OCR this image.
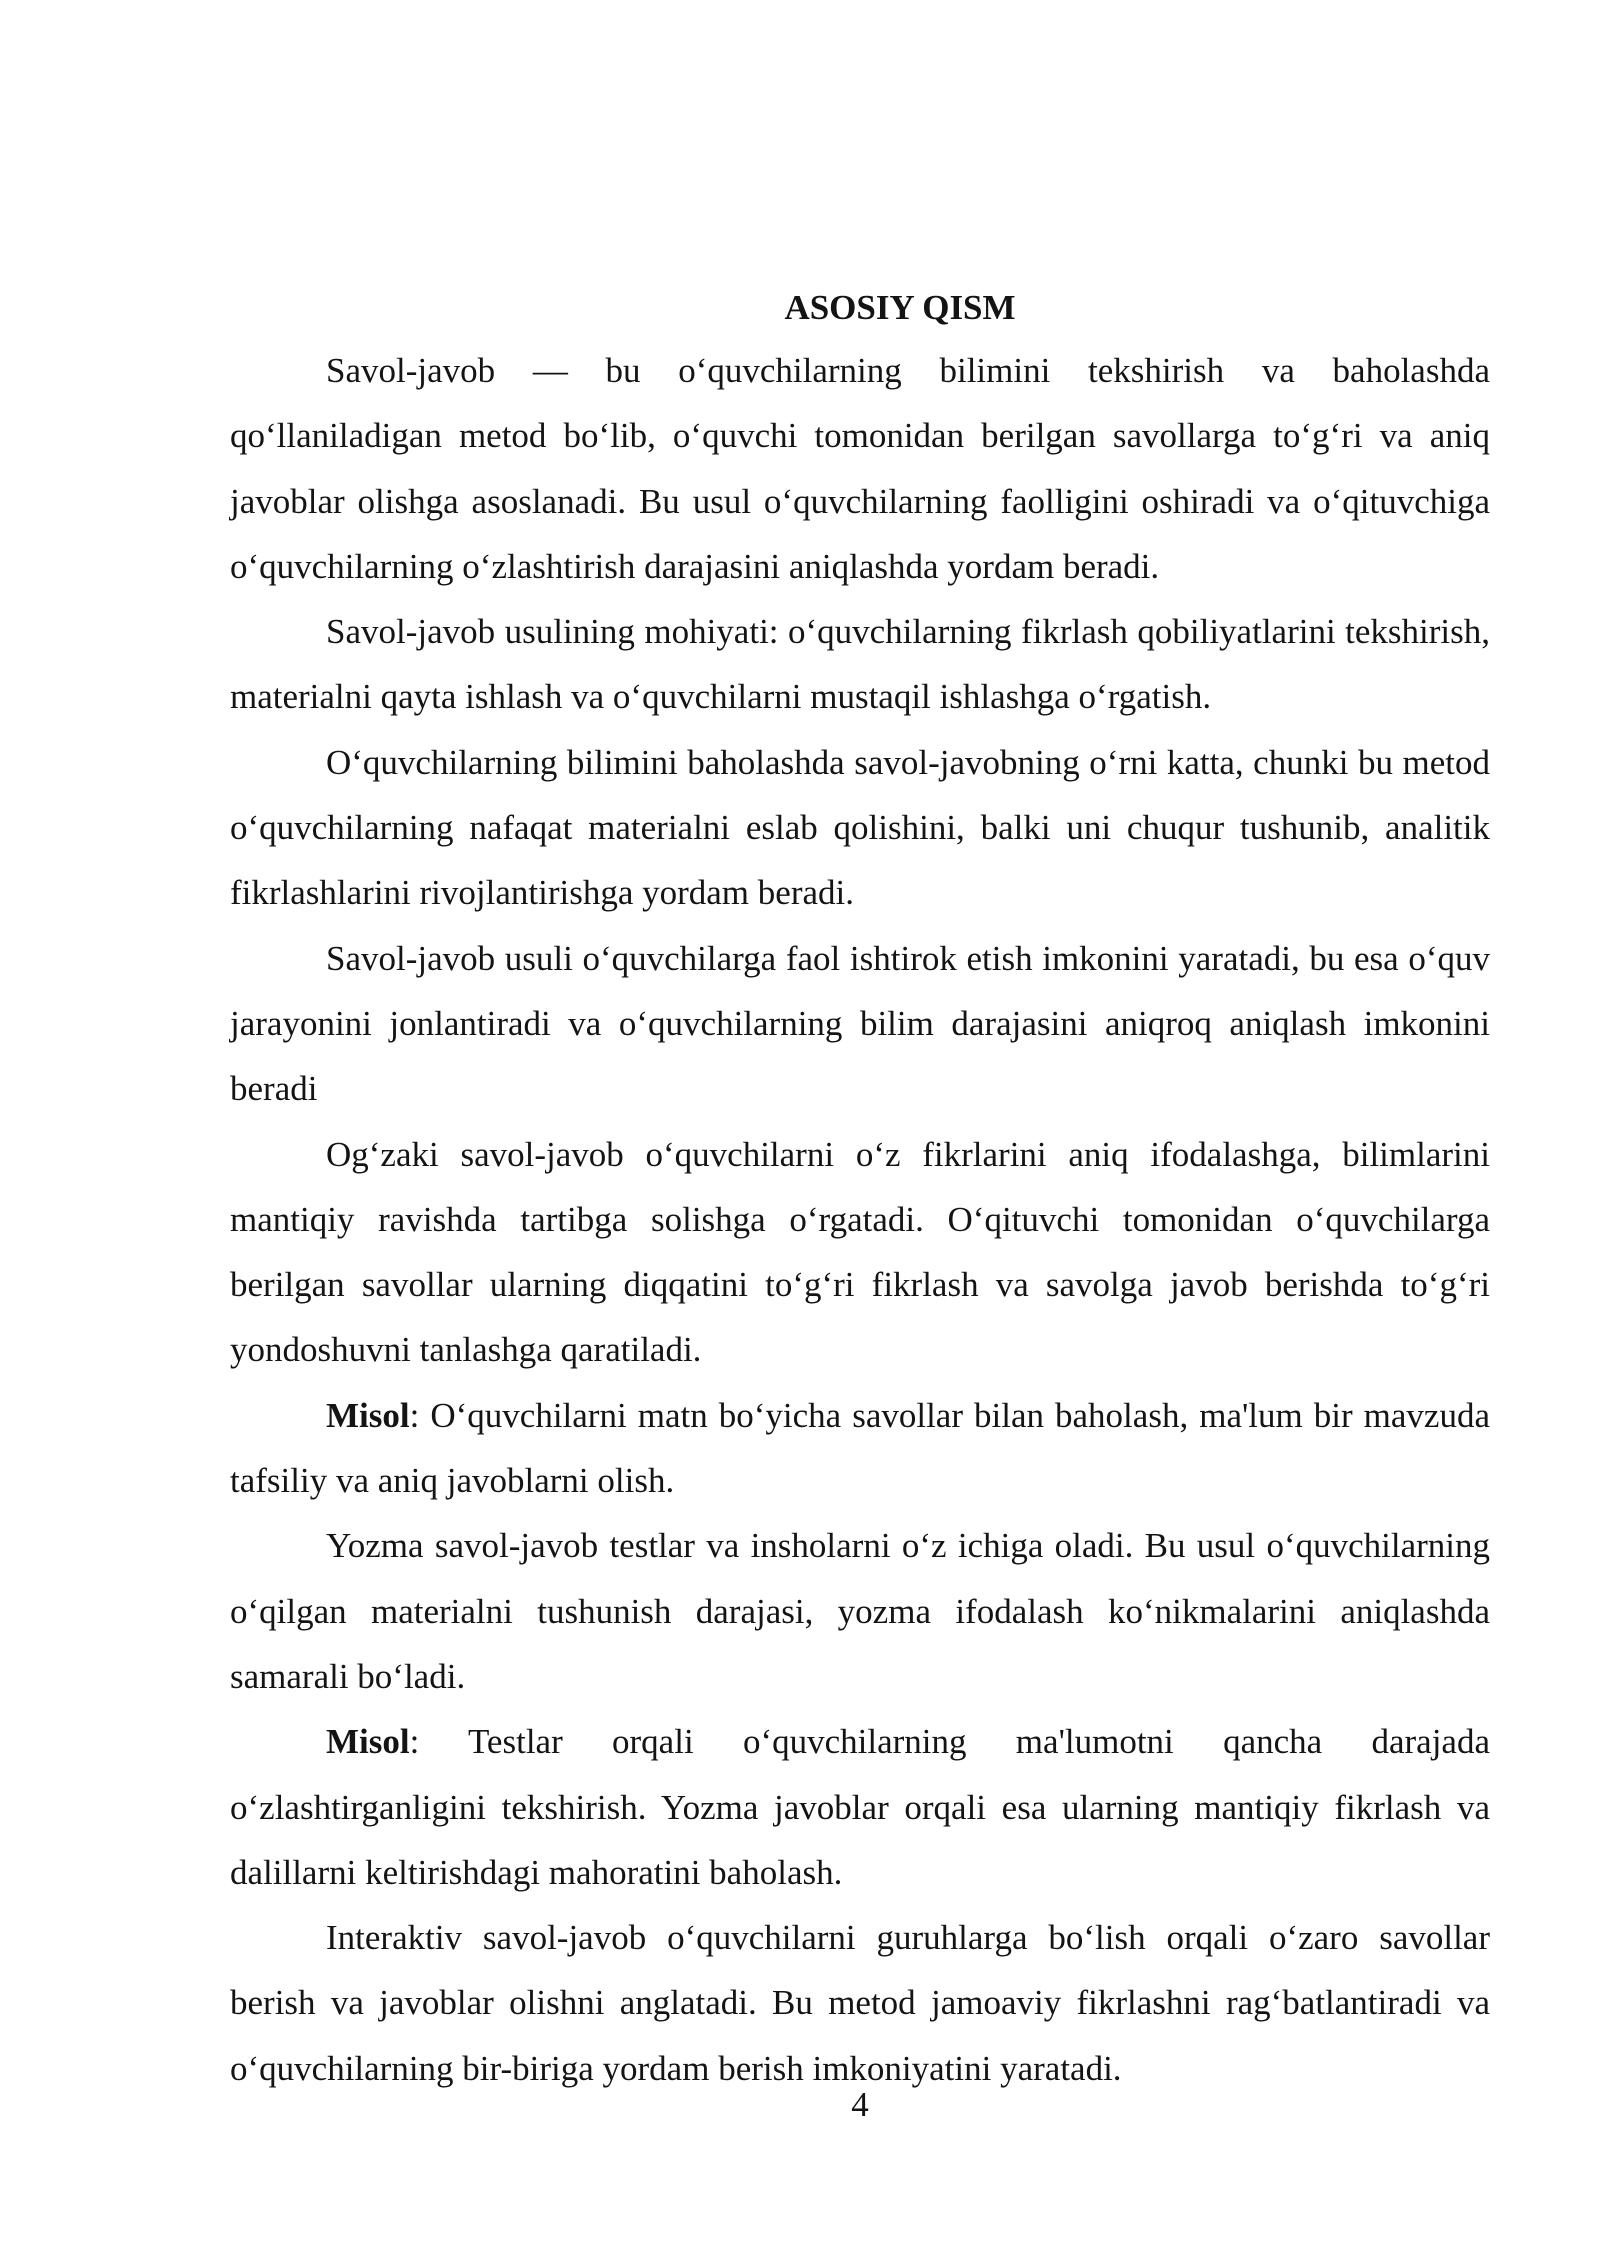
ASOSIY QISM

Savol-javob — bu oʻquvchilarning bilimini tekshirish va baholashda qoʻllaniladigan metod boʻlib, oʻquvchi tomonidan berilgan savollarga toʻgʻri va aniq javoblar olishga asoslanadi. Bu usul oʻquvchilarning faolligini oshiradi va oʻqituvchiga oʻquvchilarning oʻzlashtirish darajasini aniqlashda yordam beradi.

Savol-javob usulining mohiyati: oʻquvchilarning fikrlash qobiliyatlarini tekshirish, materialni qayta ishlash va oʻquvchilarni mustaqil ishlashga oʻrgatish.

Oʻquvchilarning bilimini baholashda savol-javobning oʻrni katta, chunki bu metod oʻquvchilarning nafaqat materialni eslab qolishini, balki uni chuqur tushunib, analitik fikrlashlarini rivojlantirishga yordam beradi.

Savol-javob usuli oʻquvchilarga faol ishtirok etish imkonini yaratadi, bu esa oʻquv jarayonini jonlantiradi va oʻquvchilarning bilim darajasini aniqroq aniqlash imkonini beradi

Ogʻzaki savol-javob oʻquvchilarni oʻz fikrlarini aniq ifodalashga, bilimlarini mantiqiy ravishda tartibga solishga oʻrgatadi. Oʻqituvchi tomonidan oʻquvchilarga berilgan savollar ularning diqqatini toʻgʻri fikrlash va savolga javob berishda toʻgʻri yondoshuvni tanlashga qaratiladi.

Misol: Oʻquvchilarni matn boʻyicha savollar bilan baholash, ma'lum bir mavzuda tafsiliy va aniq javoblarni olish.

Yozma savol-javob testlar va insholarni oʻz ichiga oladi. Bu usul oʻquvchilarning oʻqilgan materialni tushunish darajasi, yozma ifodalash koʻnikmalarini aniqlashda samarali boʻladi.

Misol: Testlar orqali oʻquvchilarning ma'lumotni qancha darajada oʻzlashtirganligini tekshirish. Yozma javoblar orqali esa ularning mantiqiy fikrlash va dalillarni keltirishdagi mahoratini baholash.

Interaktiv savol-javob oʻquvchilarni guruhlarga boʻlish orqali oʻzaro savollar berish va javoblar olishni anglatadi. Bu metod jamoaviy fikrlashni ragʻbatlantiradi va oʻquvchilarning bir-biriga yordam berish imkoniyatini yaratadi.

4
